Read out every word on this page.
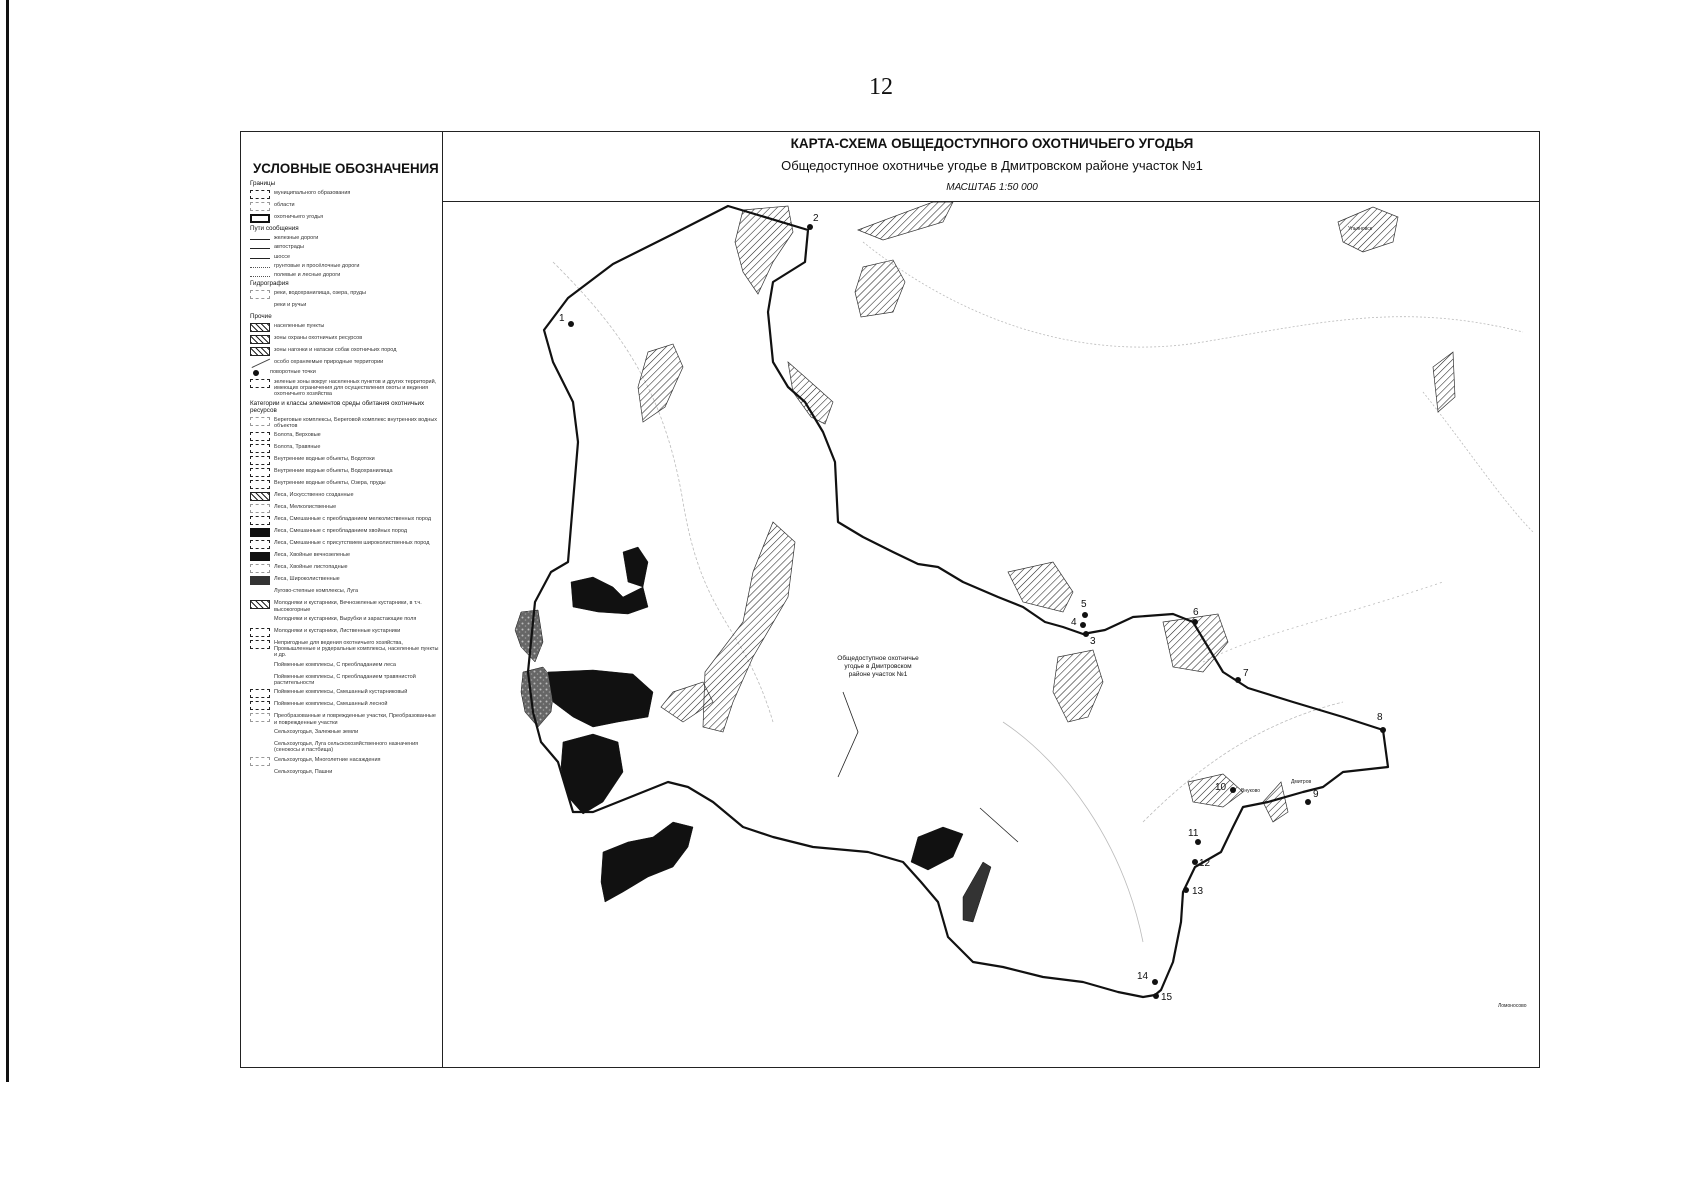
12
УСЛОВНЫЕ ОБОЗНАЧЕНИЯ
Границы
муниципального образования
области
охотничьего угодья
Пути сообщения
железные дороги
автострады
шоссе
грунтовые и просёлочные дороги
полевые и лесные дороги
Гидрография
реки, водохранилища, озера, пруды
реки и ручьи
Прочие
населенные пункты
зоны охраны охотничьих ресурсов
зоны нагонки и натаски собак охотничьих пород
особо охраняемые природные территории
поворотные точки
зеленые зоны вокруг населенных пунктов и других территорий, имеющих ограничения для осуществления охоты и ведения охотничьего хозяйства
Категории и классы элементов среды обитания охотничьих ресурсов
Береговые комплексы, Береговой комплекс внутренних водных объектов
Болота, Верховые
Болота, Травяные
Внутренние водные объекты, Водотоки
Внутренние водные объекты, Водохранилища
Внутренние водные объекты, Озера, пруды
Леса, Искусственно созданные
Леса, Мелколиственные
Леса, Смешанные с преобладанием мелколиственных пород
Леса, Смешанные с преобладанием хвойных пород
Леса, Смешанные с присутствием широколиственных пород
Леса, Хвойные вечнозеленые
Леса, Хвойные листопадные
Леса, Широколиственные
Лугово-степные комплексы, Луга
Молодняки и кустарники, Вечнозеленые кустарники, в т.ч. высокогорные
Молодняки и кустарники, Вырубки и зарастающие поля
Молодняки и кустарники, Лиственные кустарники
Непригодные для ведения охотничьего хозяйства, Промышленные и рудеральные комплексы, населенные пункты и др.
Пойменные комплексы, С преобладанием леса
Пойменные комплексы, С преобладанием травянистой растительности
Пойменные комплексы, Смешанный кустарниковый
Пойменные комплексы, Смешанный лесной
Преобразованные и поврежденные участки, Преобразованные и поврежденные участки
Сельхозугодья, Залежные земли
Сельхозугодья, Луга сельскохозяйственного назначения (сенокосы и пастбища)
Сельхозугодья, Многолетние насаждения
Сельхозугодья, Пашни
КАРТА-СХЕМА ОБЩЕДОСТУПНОГО ОХОТНИЧЬЕГО УГОДЬЯ
Общедоступное охотничье угодье в Дмитровском районе участок №1
МАСШТАБ 1:50 000
1
2
3
4
5
6
7
8
9
10
11
12
13
14
15
Дмитров
Внуково
Ульяновск
Ломоносово
Общедоступное охотничье
угодье в Дмитровском
районе участок №1
